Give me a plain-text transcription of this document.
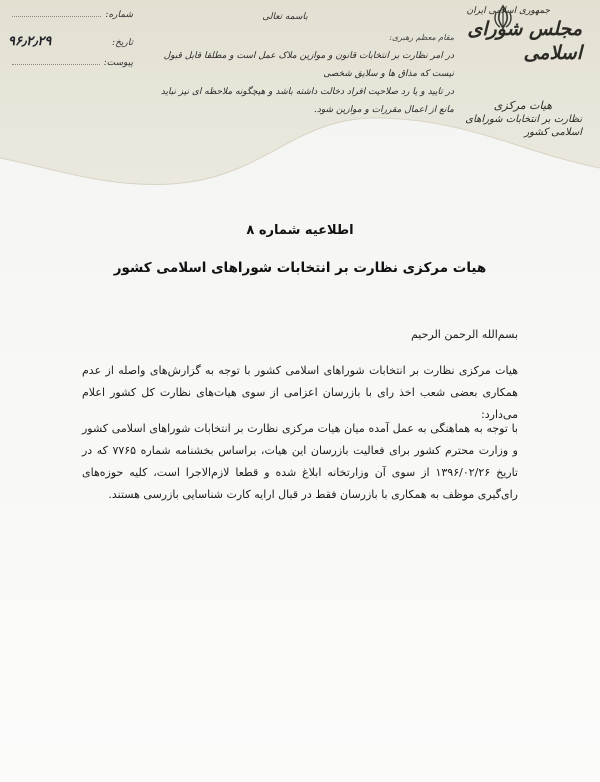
جمهوری اسلامی ایران
مجلس شورای اسلامی
هیات مرکزی
نظارت بر انتخابات شوراهای اسلامی کشور
باسمه تعالی
مقام معظم رهبری:
در امر نظارت بر انتخابات قانون و موازین ملاک عمل است و مطلقا قابل قبول نیست که مذاق ها و سلایق شخصی
در تایید و یا رد صلاحیت افراد دخالت داشته باشد و هیچگونه ملاحظه ای نیز نباید مانع از اعمال مقررات و موازین شود.
شماره:
تاریخ:
۹۶٫۲٫۲۹
پیوست:
اطلاعیه شماره ۸
هیات مرکزی نظارت بر انتخابات شوراهای اسلامی کشور
بسم‌الله الرحمن الرحیم
هیات مرکزی نظارت بر انتخابات شوراهای اسلامی کشور با توجه به گزارش‌های واصله از عدم همکاری بعضی شعب اخذ رای با بازرسان اعزامی از سوی هیات‌های نظارت کل کشور اعلام می‌دارد:
با توجه به هماهنگی به عمل آمده میان هیات مرکزی نظارت بر انتخابات شوراهای اسلامی کشور و وزارت محترم کشور برای فعالیت بازرسان این هیات، براساس بخشنامه شماره ۷۷۶۵ که در تاریخ ۱۳۹۶/۰۲/۲۶ از سوی آن وزارتخانه ابلاغ شده و قطعا لازم‌الاجرا است، کلیه حوزه‌های رای‌گیری موظف به همکاری با بازرسان فقط در قبال ارایه کارت شناسایی بازرسی هستند.
